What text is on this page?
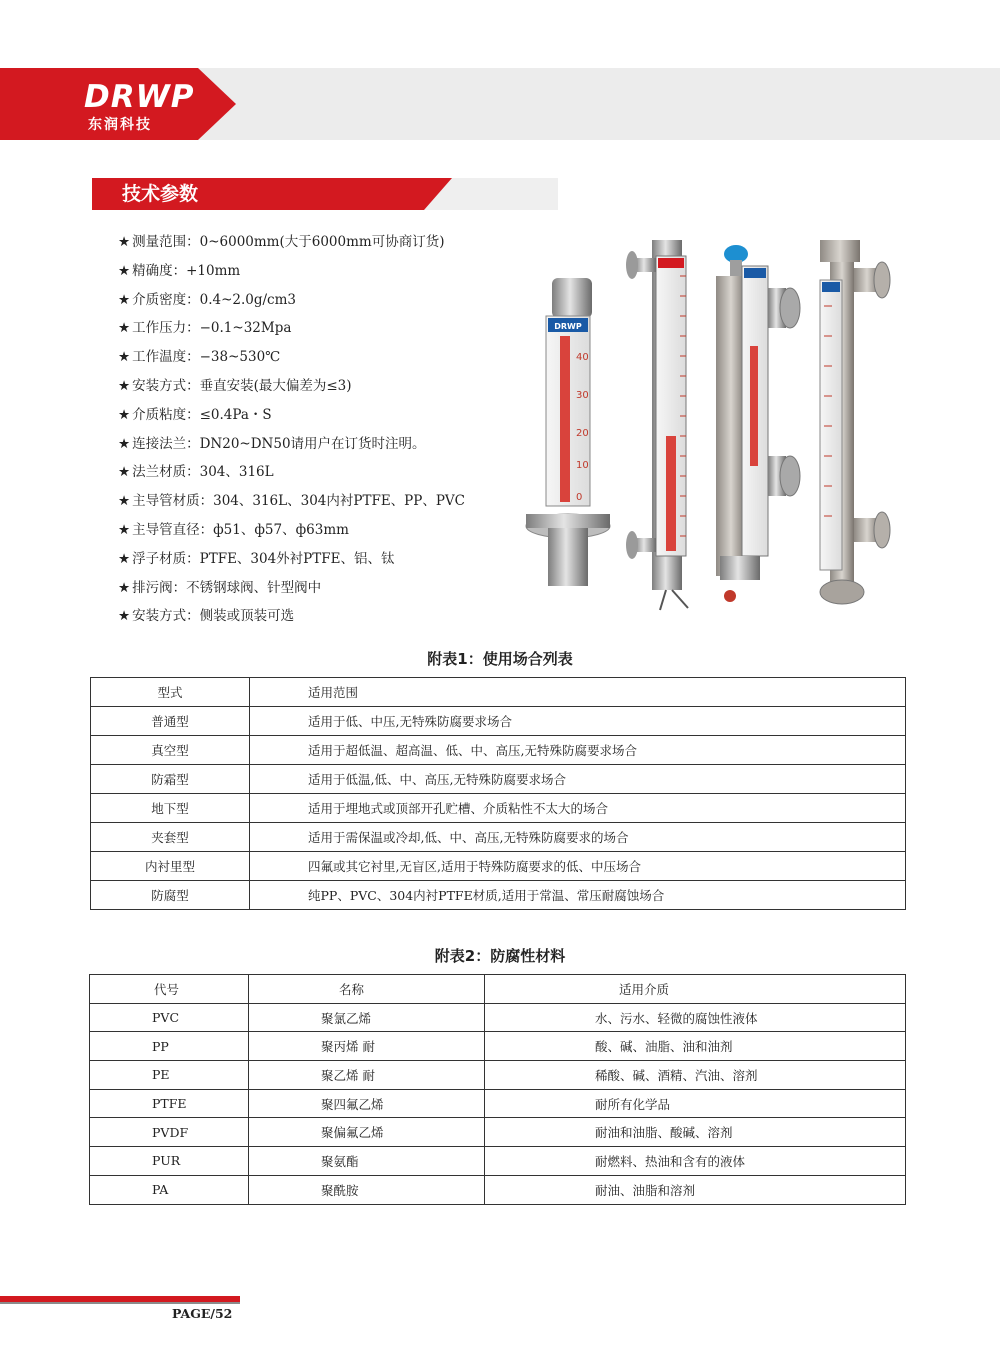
DRWP
东润科技
技术参数
★ 测量范围：0~6000mm(大于6000mm可协商订货)
★ 精确度：+10mm
★ 介质密度：0.4~2.0g/cm3
★ 工作压力：−0.1~32Mpa
★ 工作温度：−38~530℃
★ 安装方式：垂直安装(最大偏差为≤3)
★ 介质粘度：≤0.4Pa・S
★ 连接法兰：DN20~DN50请用户在订货时注明。
★ 法兰材质：304、316L
★ 主导管材质：304、316L、304内衬PTFE、PP、PVC
★ 主导管直径：ф51、ф57、ф63mm
★ 浮子材质：PTFE、304外衬PTFE、铝、钛
★ 排污阀：不锈钢球阀、针型阀中
★ 安装方式：侧装或顶装可选
DRWP
40
30
20
10
0
附表1：使用场合列表
型式	适用范围
普通型	适用于低、中压,无特殊防腐要求场合
真空型	适用于超低温、超高温、低、中、高压,无特殊防腐要求场合
防霜型	适用于低温,低、中、高压,无特殊防腐要求场合
地下型	适用于埋地式或顶部开孔贮槽、介质粘性不太大的场合
夹套型	适用于需保温或冷却,低、中、高压,无特殊防腐要求的场合
内衬里型	四氟或其它衬里,无盲区,适用于特殊防腐要求的低、中压场合
防腐型	纯PP、PVC、304内衬PTFE材质,适用于常温、常压耐腐蚀场合
附表2：防腐性材料
代号	名称	适用介质
PVC	聚氯乙烯	水、污水、轻微的腐蚀性液体
PP	聚丙烯 耐	酸、碱、油脂、油和油剂
PE	聚乙烯 耐	稀酸、碱、酒精、汽油、溶剂
PTFE	聚四氟乙烯	耐所有化学品
PVDF	聚偏氟乙烯	耐油和油脂、酸碱、溶剂
PUR	聚氨酯	耐燃料、热油和含有的液体
PA	聚酰胺	耐油、油脂和溶剂
PAGE/52
